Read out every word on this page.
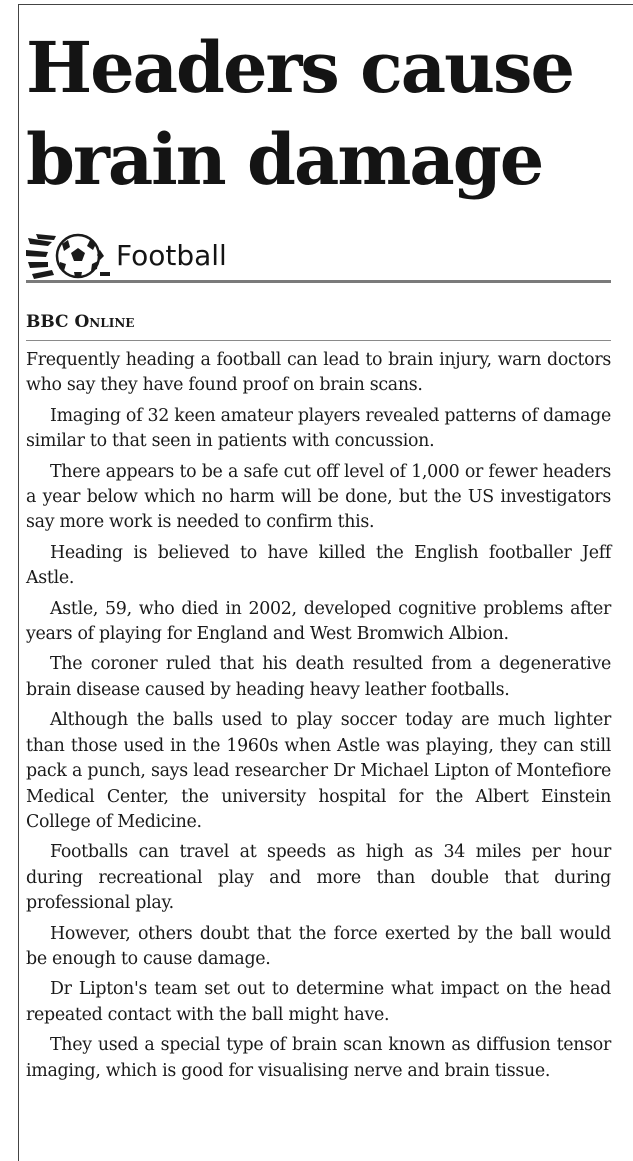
Headers cause brain damage
Football

BBC Online

Frequently heading a football can lead to brain injury, warn doctors who say they have found proof on brain scans.

Imaging of 32 keen amateur players revealed patterns of damage similar to that seen in patients with concussion.

There appears to be a safe cut off level of 1,000 or fewer headers a year below which no harm will be done, but the US investigators say more work is needed to confirm this.

Heading is believed to have killed the English footballer Jeff Astle.

Astle, 59, who died in 2002, developed cognitive problems after years of playing for England and West Bromwich Albion.

The coroner ruled that his death resulted from a degenerative brain disease caused by heading heavy leather footballs.

Although the balls used to play soccer today are much lighter than those used in the 1960s when Astle was playing, they can still pack a punch, says lead researcher Dr Michael Lipton of Montefiore Medical Center, the university hospital for the Albert Einstein College of Medicine.

Footballs can travel at speeds as high as 34 miles per hour during recreational play and more than double that during professional play.

However, others doubt that the force exerted by the ball would be enough to cause damage.

Dr Lipton's team set out to determine what impact on the head repeated contact with the ball might have.

They used a special type of brain scan known as diffusion tensor imaging, which is good for visualising nerve and brain tissue.
